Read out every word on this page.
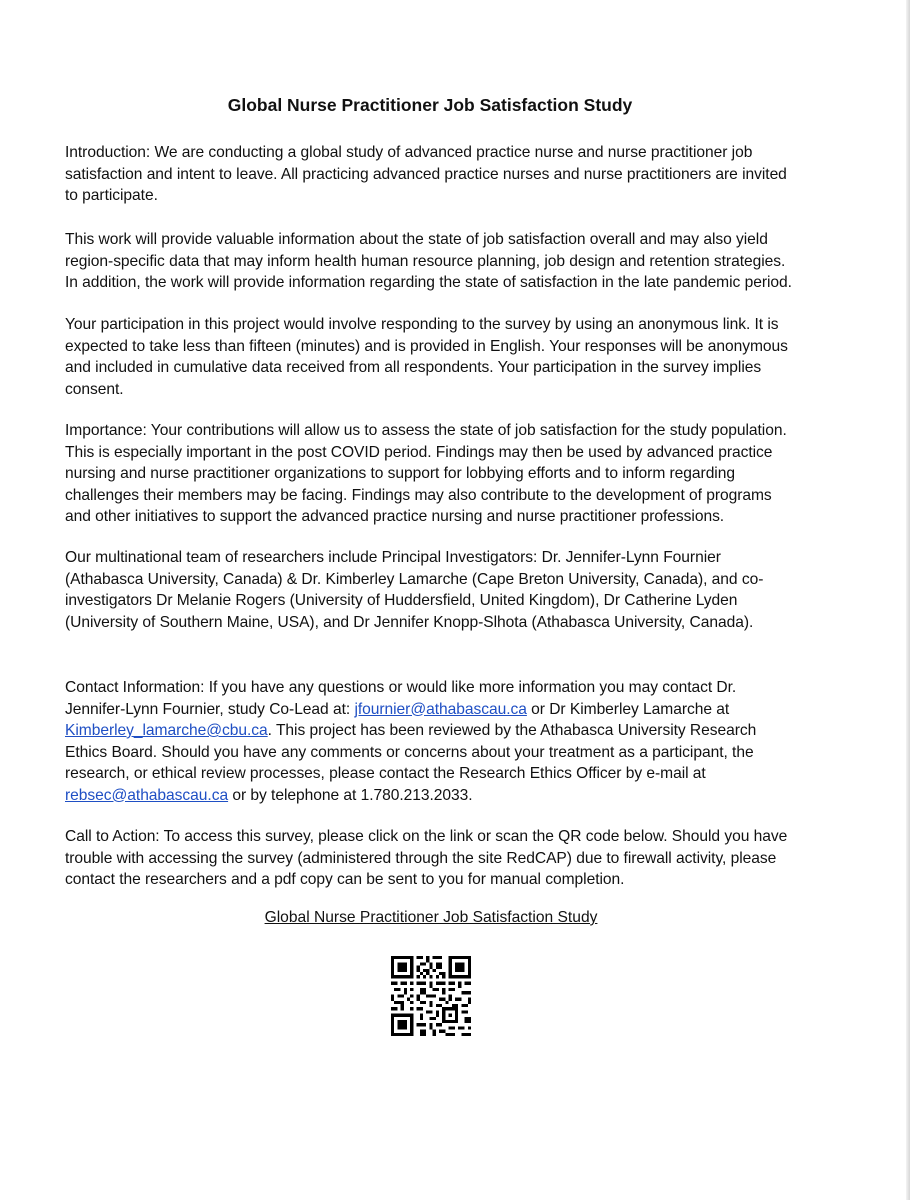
Global Nurse Practitioner Job Satisfaction Study

Introduction: We are conducting a global study of advanced practice nurse and nurse practitioner job satisfaction and intent to leave. All practicing advanced practice nurses and nurse practitioners are invited to participate.

This work will provide valuable information about the state of job satisfaction overall and may also yield region-specific data that may inform health human resource planning, job design and retention strategies. In addition, the work will provide information regarding the state of satisfaction in the late pandemic period.

Your participation in this project would involve responding to the survey by using an anonymous link. It is expected to take less than fifteen (minutes) and is provided in English. Your responses will be anonymous and included in cumulative data received from all respondents. Your participation in the survey implies consent.

Importance: Your contributions will allow us to assess the state of job satisfaction for the study population. This is especially important in the post COVID period. Findings may then be used by advanced practice nursing and nurse practitioner organizations to support for lobbying efforts and to inform regarding challenges their members may be facing. Findings may also contribute to the development of programs and other initiatives to support the advanced practice nursing and nurse practitioner professions.

Our multinational team of researchers include Principal Investigators: Dr. Jennifer-Lynn Fournier (Athabasca University, Canada) & Dr. Kimberley Lamarche (Cape Breton University, Canada), and co-investigators Dr Melanie Rogers (University of Huddersfield, United Kingdom), Dr Catherine Lyden (University of Southern Maine, USA), and Dr Jennifer Knopp-Slhota (Athabasca University, Canada).

Contact Information: If you have any questions or would like more information you may contact Dr. Jennifer-Lynn Fournier, study Co-Lead at: jfournier@athabascau.ca or Dr Kimberley Lamarche at Kimberley_lamarche@cbu.ca. This project has been reviewed by the Athabasca University Research Ethics Board. Should you have any comments or concerns about your treatment as a participant, the research, or ethical review processes, please contact the Research Ethics Officer by e-mail at rebsec@athabascau.ca or by telephone at 1.780.213.2033.

Call to Action: To access this survey, please click on the link or scan the QR code below. Should you have trouble with accessing the survey (administered through the site RedCAP) due to firewall activity, please contact the researchers and a pdf copy can be sent to you for manual completion.

Global Nurse Practitioner Job Satisfaction Study
